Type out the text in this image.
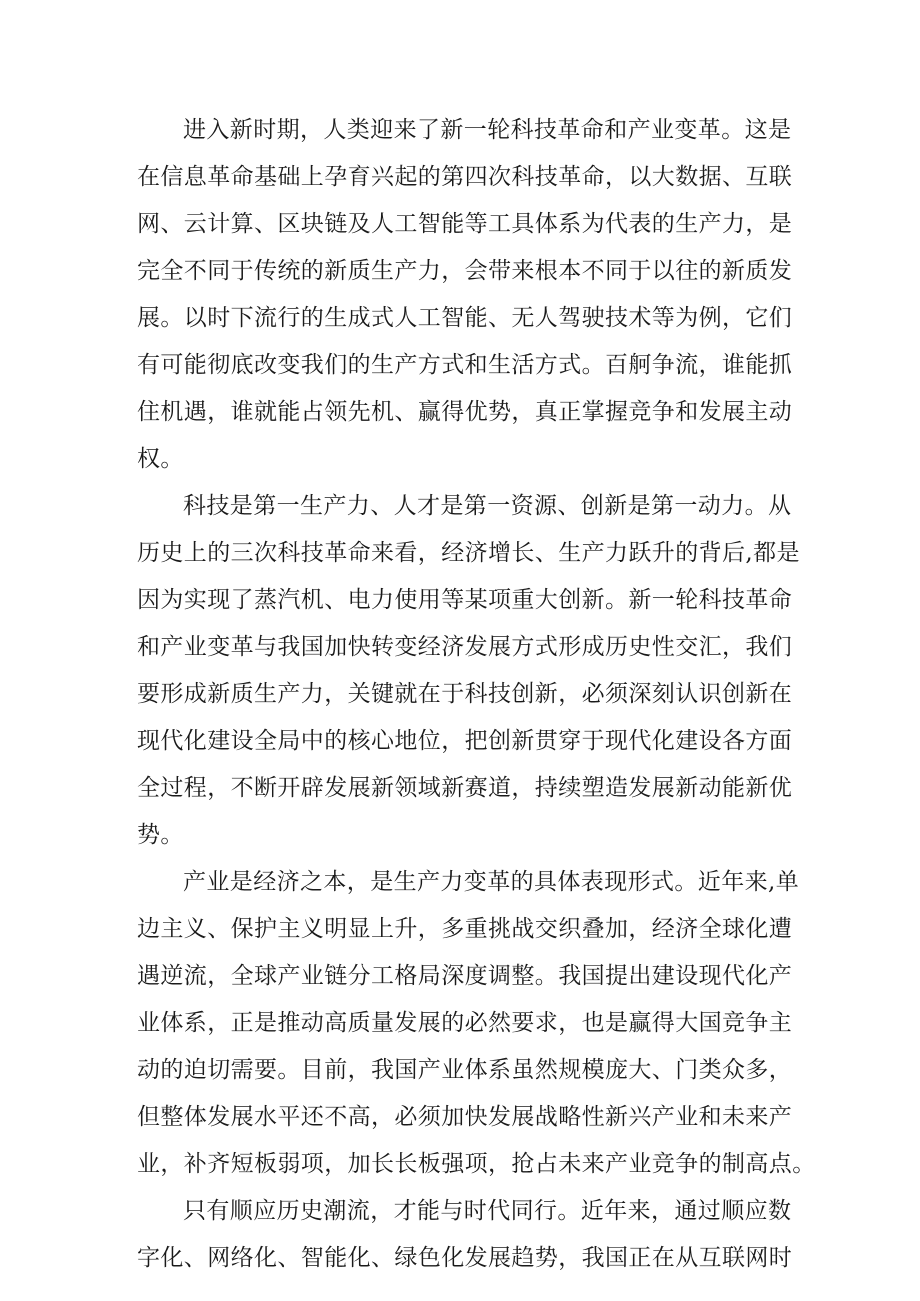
进入新时期，人类迎来了新一轮科技革命和产业变革。这是
在信息革命基础上孕育兴起的第四次科技革命，以大数据、互联
网、云计算、区块链及人工智能等工具体系为代表的生产力，是
完全不同于传统的新质生产力，会带来根本不同于以往的新质发
展。以时下流行的生成式人工智能、无人驾驶技术等为例，它们
有可能彻底改变我们的生产方式和生活方式。百舸争流，谁能抓
住机遇，谁就能占领先机、赢得优势，真正掌握竞争和发展主动
权。
科技是第一生产力、人才是第一资源、创新是第一动力。从
历史上的三次科技革命来看，经济增长、生产力跃升的背后,都是
因为实现了蒸汽机、电力使用等某项重大创新。新一轮科技革命
和产业变革与我国加快转变经济发展方式形成历史性交汇，我们
要形成新质生产力，关键就在于科技创新，必须深刻认识创新在
现代化建设全局中的核心地位，把创新贯穿于现代化建设各方面
全过程，不断开辟发展新领域新赛道，持续塑造发展新动能新优
势。
产业是经济之本，是生产力变革的具体表现形式。近年来,单
边主义、保护主义明显上升，多重挑战交织叠加，经济全球化遭
遇逆流，全球产业链分工格局深度调整。我国提出建设现代化产
业体系，正是推动高质量发展的必然要求，也是赢得大国竞争主
动的迫切需要。目前，我国产业体系虽然规模庞大、门类众多，
但整体发展水平还不高，必须加快发展战略性新兴产业和未来产
业，补齐短板弱项，加长长板强项，抢占未来产业竞争的制高点。
只有顺应历史潮流，才能与时代同行。近年来，通过顺应数
字化、网络化、智能化、绿色化发展趋势，我国正在从互联网时
